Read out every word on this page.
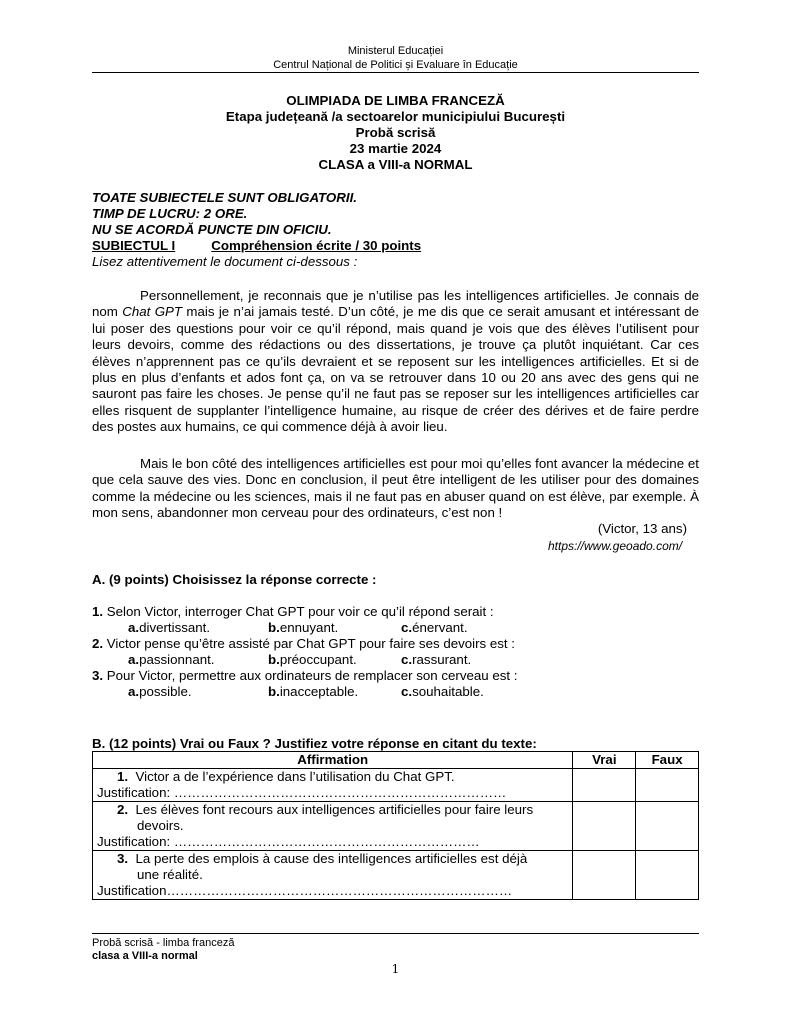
Ministerul Educației
Centrul Național de Politici și Evaluare în Educație
OLIMPIADA DE LIMBA FRANCEZĂ
Etapa județeană /a sectoarelor municipiului București
Probă scrisă
23 martie 2024
CLASA a VIII-a NORMAL
TOATE SUBIECTELE SUNT OBLIGATORII.
TIMP DE LUCRU: 2 ORE.
NU SE ACORDĂ PUNCTE DIN OFICIU.
SUBIECTUL I	Compréhension écrite / 30 points
Lisez attentivement le document ci-dessous :

Personnellement, je reconnais que je n’utilise pas les intelligences artificielles. Je connais de nom Chat GPT mais je n’ai jamais testé. D’un côté, je me dis que ce serait amusant et intéressant de lui poser des questions pour voir ce qu’il répond, mais quand je vois que des élèves l’utilisent pour leurs devoirs, comme des rédactions ou des dissertations, je trouve ça plutôt inquiétant. Car ces élèves n’apprennent pas ce qu’ils devraient et se reposent sur les intelligences artificielles. Et si de plus en plus d’enfants et ados font ça, on va se retrouver dans 10 ou 20 ans avec des gens qui ne sauront pas faire les choses. Je pense qu’il ne faut pas se reposer sur les intelligences artificielles car elles risquent de supplanter l’intelligence humaine, au risque de créer des dérives et de faire perdre des postes aux humains, ce qui commence déjà à avoir lieu.

Mais le bon côté des intelligences artificielles est pour moi qu’elles font avancer la médecine et que cela sauve des vies. Donc en conclusion, il peut être intelligent de les utiliser pour des domaines comme la médecine ou les sciences, mais il ne faut pas en abuser quand on est élève, par exemple. À mon sens, abandonner mon cerveau pour des ordinateurs, c’est non !

(Victor, 13 ans)
https://www.geoado.com/
A. (9 points) Choisissez la réponse correcte :
1. Selon Victor, interroger Chat GPT pour voir ce qu’il répond serait :
a.divertissant.	b.ennuyant.	c.énervant.
2. Victor pense qu’être assisté par Chat GPT pour faire ses devoirs est :
a.passionnant.	b.préoccupant.	c.rassurant.
3. Pour Victor, permettre aux ordinateurs de remplacer son cerveau est :
a.possible.	b.inacceptable.	c.souhaitable.
B. (12 points) Vrai ou Faux ? Justifiez votre réponse en citant du texte:
Affirmation	Vrai	Faux

1. Victor a de l’expérience dans l’utilisation du Chat GPT.
Justification: …………………………………………………………………		

2. Les élèves font recours aux intelligences artificielles pour faire leurs
devoirs.
Justification: ……………………………………………………………		

3. La perte des emplois à cause des intelligences artificielles est déjà
une réalité.
Justification……………………………………………………………………		

Probă scrisă - limba franceză
clasa a VIII-a normal
1
